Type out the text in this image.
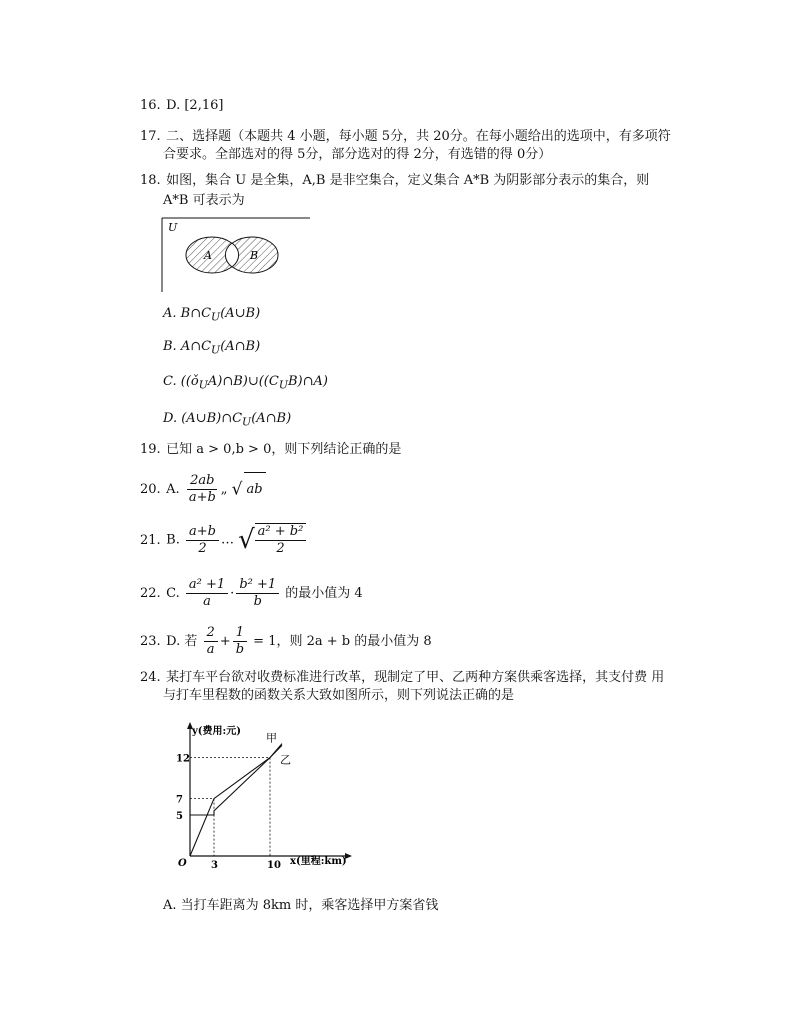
16. D. [2,16]
17. 二、选择题（本题共 4 小题，每小题 5分，共 20分。在每小题给出的选项中，有多项符
合要求。全部选对的得 5分，部分选对的得 2分，有选错的得 0分）
18. 如图，集合 U 是全集，A,B 是非空集合，定义集合 A*B 为阴影部分表示的集合，则
A*B 可表示为
U
A	B
A. $B\cap C_U(A\cup B)$
B. $A\cap C_U(A\cap B)$
C. $((ǒ_UA)\cap B)\cup((C_UB)\cap A)$
D. $(A\cup B)\cap C_U(A\cap B)$
19. 已知 a > 0,b > 0，则下列结论正确的是
20. A. $\frac{2ab}{a+b}$ „ √ ab
21. B. $\frac{a+b}{2}$ … √ $\frac{\text{a² + b²}}{2}$
22. C. $\frac{\text{a² +1}}{a} \cdot \frac{\text{b² +1}}{b}$ 的最小值为 4
23. D. 若 $\frac{2}{a} + \frac{1}{b} = 1$，则 2a + b 的最小值为 8
24. 某打车平台欲对收费标准进行改革，现制定了甲、乙两种方案供乘客选择，其支付费 用
与打车里程数的函数关系大致如图所示，则下列说法正确的是
y(费用:元)
x(里程:km)
O 3	10
5
7
12
甲
乙
A. 当打车距离为 8km 时，乘客选择甲方案省钱
